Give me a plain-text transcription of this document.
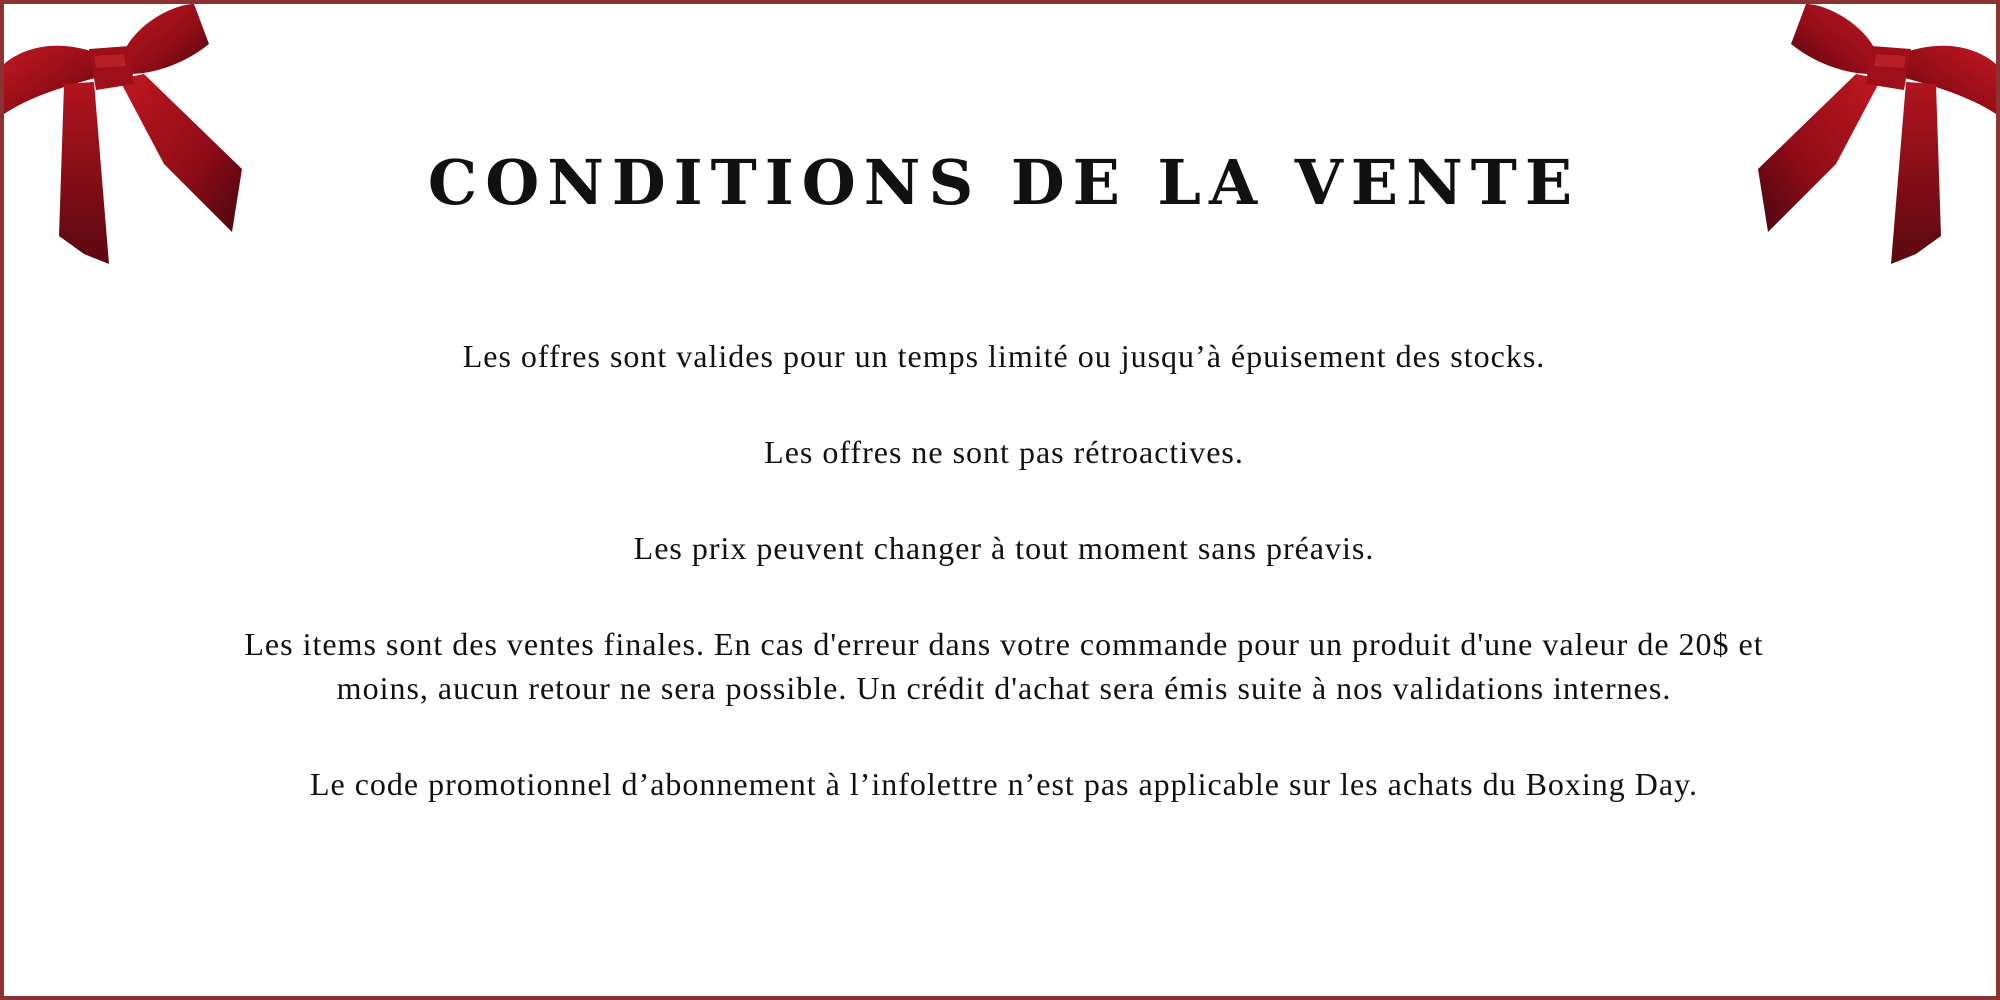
CONDITIONS DE LA VENTE
Les offres sont valides pour un temps limité ou jusqu’à épuisement des stocks.
Les offres ne sont pas rétroactives.
Les prix peuvent changer à tout moment sans préavis.
Les items sont des ventes finales. En cas d'erreur dans votre commande pour un produit d'une valeur de 20$ et moins, aucun retour ne sera possible. Un crédit d'achat sera émis suite à nos validations internes.
Le code promotionnel d’abonnement à l’infolettre n’est pas applicable sur les achats du Boxing Day.
